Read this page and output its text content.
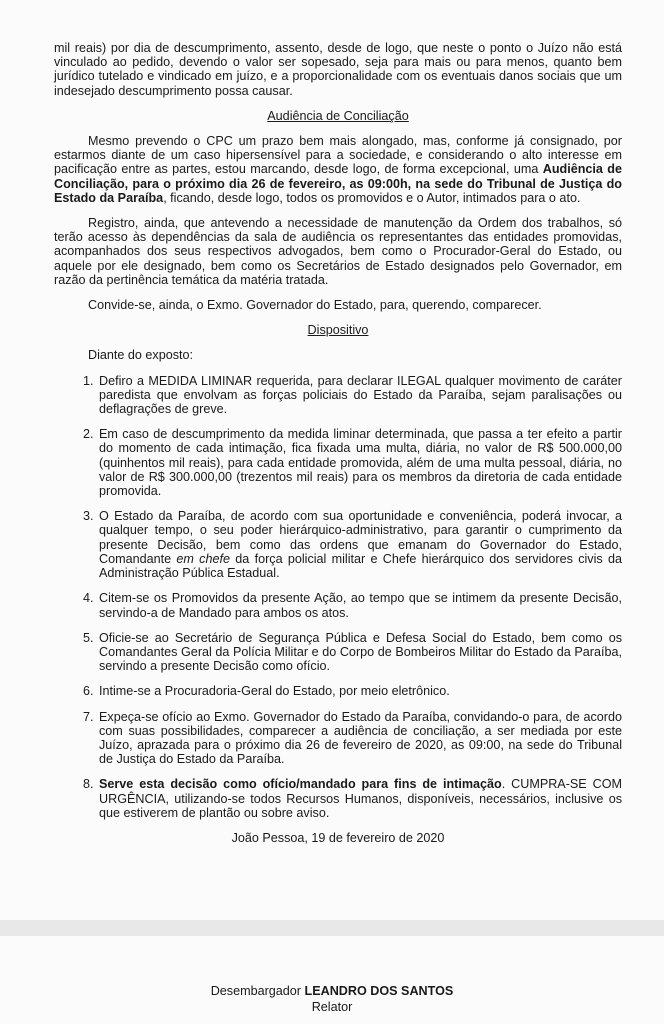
mil reais) por dia de descumprimento, assento, desde de logo, que neste o ponto o Juízo não está vinculado ao pedido, devendo o valor ser sopesado, seja para mais ou para menos, quanto bem jurídico tutelado e vindicado em juízo, e a proporcionalidade com os eventuais danos sociais que um indesejado descumprimento possa causar.

Audiência de Conciliação

Mesmo prevendo o CPC um prazo bem mais alongado, mas, conforme já consignado, por estarmos diante de um caso hipersensível para a sociedade, e considerando o alto interesse em pacificação entre as partes, estou marcando, desde logo, de forma excepcional, uma Audiência de Conciliação, para o próximo dia 26 de fevereiro, as 09:00h, na sede do Tribunal de Justiça do Estado da Paraíba, ficando, desde logo, todos os promovidos e o Autor, intimados para o ato.

Registro, ainda, que antevendo a necessidade de manutenção da Ordem dos trabalhos, só terão acesso às dependências da sala de audiência os representantes das entidades promovidas, acompanhados dos seus respectivos advogados, bem como o Procurador-Geral do Estado, ou aquele por ele designado, bem como os Secretários de Estado designados pelo Governador, em razão da pertinência temática da matéria tratada.

Convide-se, ainda, o Exmo. Governador do Estado, para, querendo, comparecer.

Dispositivo

Diante do exposto:

1. Defiro a MEDIDA LIMINAR requerida, para declarar ILEGAL qualquer movimento de caráter paredista que envolvam as forças policiais do Estado da Paraíba, sejam paralisações ou deflagrações de greve.
2. Em caso de descumprimento da medida liminar determinada, que passa a ter efeito a partir do momento de cada intimação, fica fixada uma multa, diária, no valor de R$ 500.000,00 (quinhentos mil reais), para cada entidade promovida, além de uma multa pessoal, diária, no valor de R$ 300.000,00 (trezentos mil reais) para os membros da diretoria de cada entidade promovida.
3. O Estado da Paraíba, de acordo com sua oportunidade e conveniência, poderá invocar, a qualquer tempo, o seu poder hierárquico-administrativo, para garantir o cumprimento da presente Decisão, bem como das ordens que emanam do Governador do Estado, Comandante em chefe da força policial militar e Chefe hierárquico dos servidores civis da Administração Pública Estadual.
4. Citem-se os Promovidos da presente Ação, ao tempo que se intimem da presente Decisão, servindo-a de Mandado para ambos os atos.
5. Oficie-se ao Secretário de Segurança Pública e Defesa Social do Estado, bem como os Comandantes Geral da Polícia Militar e do Corpo de Bombeiros Militar do Estado da Paraíba, servindo a presente Decisão como ofício.
6. Intime-se a Procuradoria-Geral do Estado, por meio eletrônico.
7. Expeça-se ofício ao Exmo. Governador do Estado da Paraíba, convidando-o para, de acordo com suas possibilidades, comparecer a audiência de conciliação, a ser mediada por este Juízo, aprazada para o próximo dia 26 de fevereiro de 2020, as 09:00, na sede do Tribunal de Justiça do Estado da Paraíba.
8. Serve esta decisão como ofício/mandado para fins de intimação. CUMPRA-SE COM URGÊNCIA, utilizando-se todos Recursos Humanos, disponíveis, necessários, inclusive os que estiverem de plantão ou sobre aviso.

João Pessoa, 19 de fevereiro de 2020

Desembargador LEANDRO DOS SANTOS
Relator
